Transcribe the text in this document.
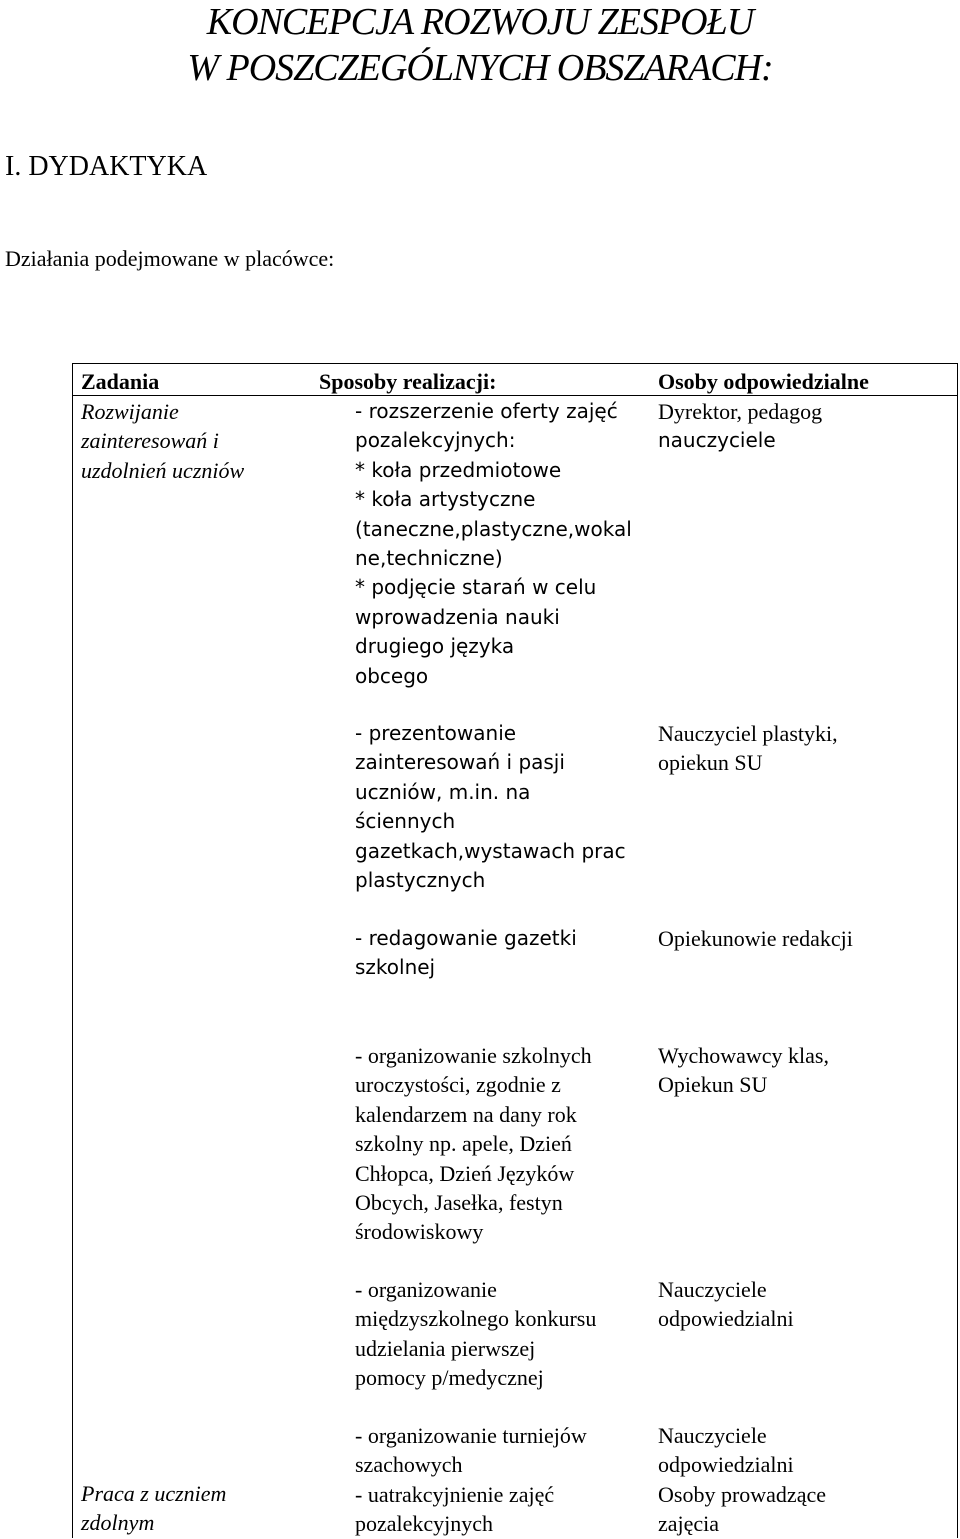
KONCEPCJA ROZWOJU ZESPOŁU
W POSZCZEGÓLNYCH OBSZARACH:
I. DYDAKTYKA

Działania podejmowane w placówce:

Zadania	Sposoby realizacji:	Osoby odpowiedzialne
Rozwijanie
zainteresowań i
uzdolnień uczniów
Praca z uczniem
zdolnym
- rozszerzenie oferty zajęć
pozalekcyjnych:
* koła przedmiotowe
* koła artystyczne
(taneczne,plastyczne,wokal
ne,techniczne)
* podjęcie starań w celu
wprowadzenia nauki
drugiego języka
obcego
- prezentowanie
zainteresowań i pasji
uczniów, m.in. na
ściennych
gazetkach,wystawach prac
plastycznych
- redagowanie gazetki
szkolnej
- organizowanie szkolnych
uroczystości, zgodnie z
kalendarzem na dany rok
szkolny np. apele, Dzień
Chłopca, Dzień Języków
Obcych, Jasełka, festyn
środowiskowy
- organizowanie
międzyszkolnego konkursu
udzielania pierwszej
pomocy p/medycznej
- organizowanie turniejów
szachowych
- uatrakcyjnienie zajęć
pozalekcyjnych
Dyrektor, pedagog
nauczyciele
Nauczyciel plastyki,
opiekun SU
Opiekunowie redakcji
Wychowawcy klas,
Opiekun SU
Nauczyciele
odpowiedzialni
Nauczyciele
odpowiedzialni
Osoby prowadzące
zajęcia
